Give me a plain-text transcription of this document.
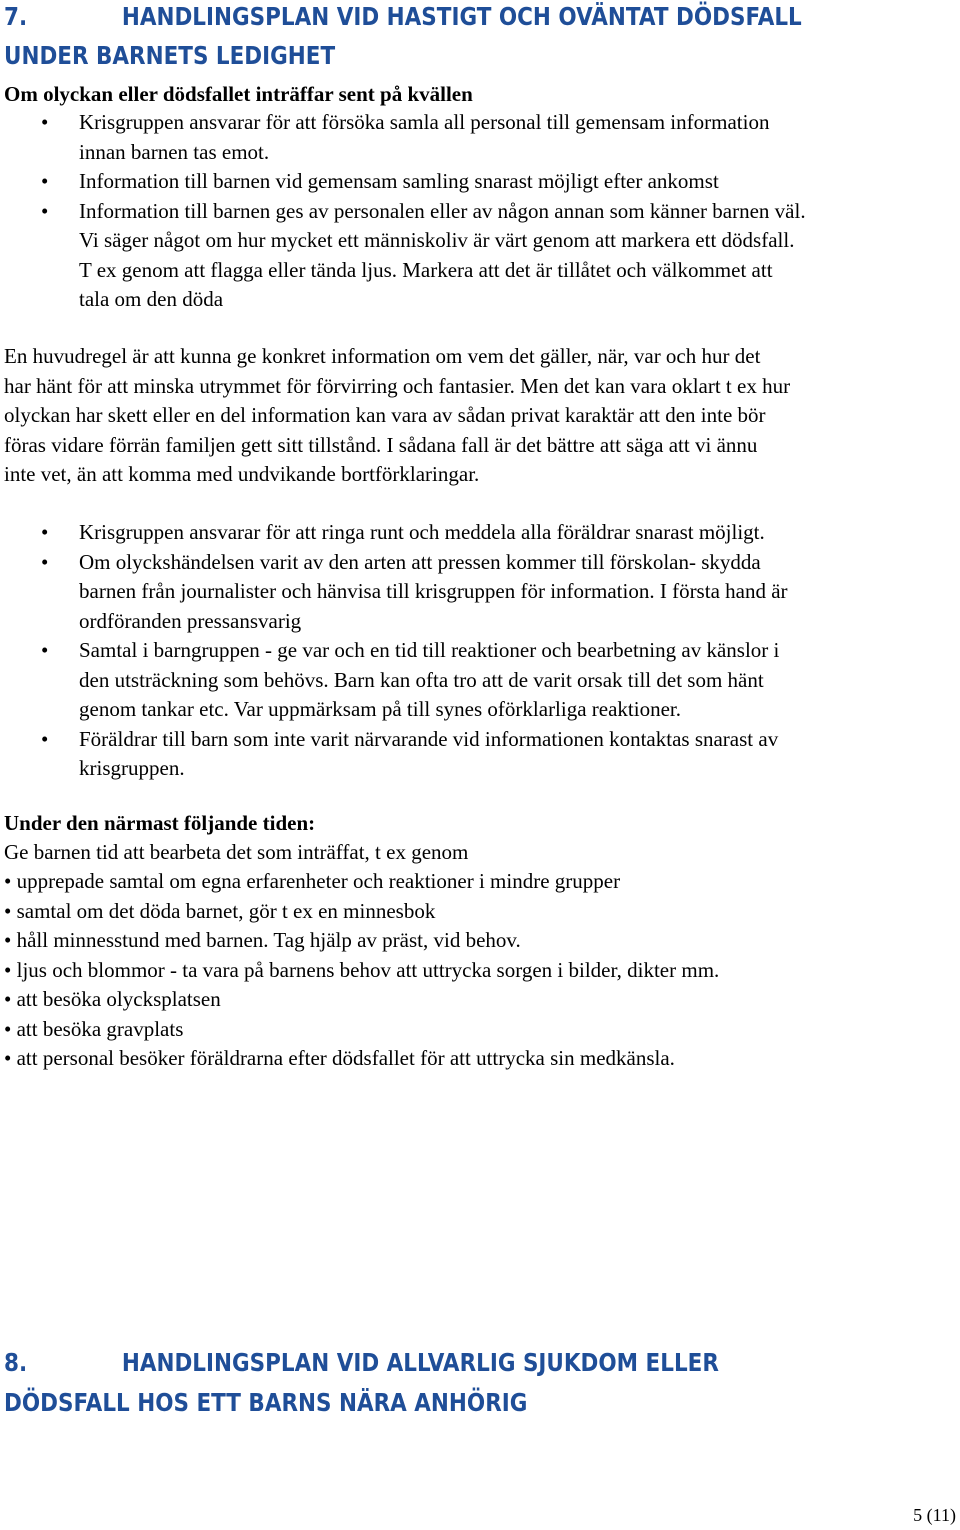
7.	HANDLINGSPLAN VID HASTIGT OCH OVÄNTAT DÖDSFALL
UNDER BARNETS LEDIGHET
Om olyckan eller dödsfallet inträffar sent på kvällen
• Krisgruppen ansvarar för att försöka samla all personal till gemensam information
innan barnen tas emot.
• Information till barnen vid gemensam samling snarast möjligt efter ankomst
• Information till barnen ges av personalen eller av någon annan som känner barnen väl.
Vi säger något om hur mycket ett människoliv är värt genom att markera ett dödsfall.
T ex genom att flagga eller tända ljus. Markera att det är tillåtet och välkommet att
tala om den döda
En huvudregel är att kunna ge konkret information om vem det gäller, när, var och hur det
har hänt för att minska utrymmet för förvirring och fantasier. Men det kan vara oklart t ex hur
olyckan har skett eller en del information kan vara av sådan privat karaktär att den inte bör
föras vidare förrän familjen gett sitt tillstånd. I sådana fall är det bättre att säga att vi ännu
inte vet, än att komma med undvikande bortförklaringar.
• Krisgruppen ansvarar för att ringa runt och meddela alla föräldrar snarast möjligt.
• Om olyckshändelsen varit av den arten att pressen kommer till förskolan- skydda
barnen från journalister och hänvisa till krisgruppen för information. I första hand är
ordföranden pressansvarig
• Samtal i barngruppen - ge var och en tid till reaktioner och bearbetning av känslor i
den utsträckning som behövs. Barn kan ofta tro att de varit orsak till det som hänt
genom tankar etc. Var uppmärksam på till synes oförklarliga reaktioner.
• Föräldrar till barn som inte varit närvarande vid informationen kontaktas snarast av
krisgruppen.
Under den närmast följande tiden:
Ge barnen tid att bearbeta det som inträffat, t ex genom
• upprepade samtal om egna erfarenheter och reaktioner i mindre grupper
• samtal om det döda barnet, gör t ex en minnesbok
• håll minnesstund med barnen. Tag hjälp av präst, vid behov.
• ljus och blommor - ta vara på barnens behov att uttrycka sorgen i bilder, dikter mm.
• att besöka olycksplatsen
• att besöka gravplats
• att personal besöker föräldrarna efter dödsfallet för att uttrycka sin medkänsla.
8.	HANDLINGSPLAN VID ALLVARLIG SJUKDOM ELLER
DÖDSFALL HOS ETT BARNS NÄRA ANHÖRIG
5 (11)
